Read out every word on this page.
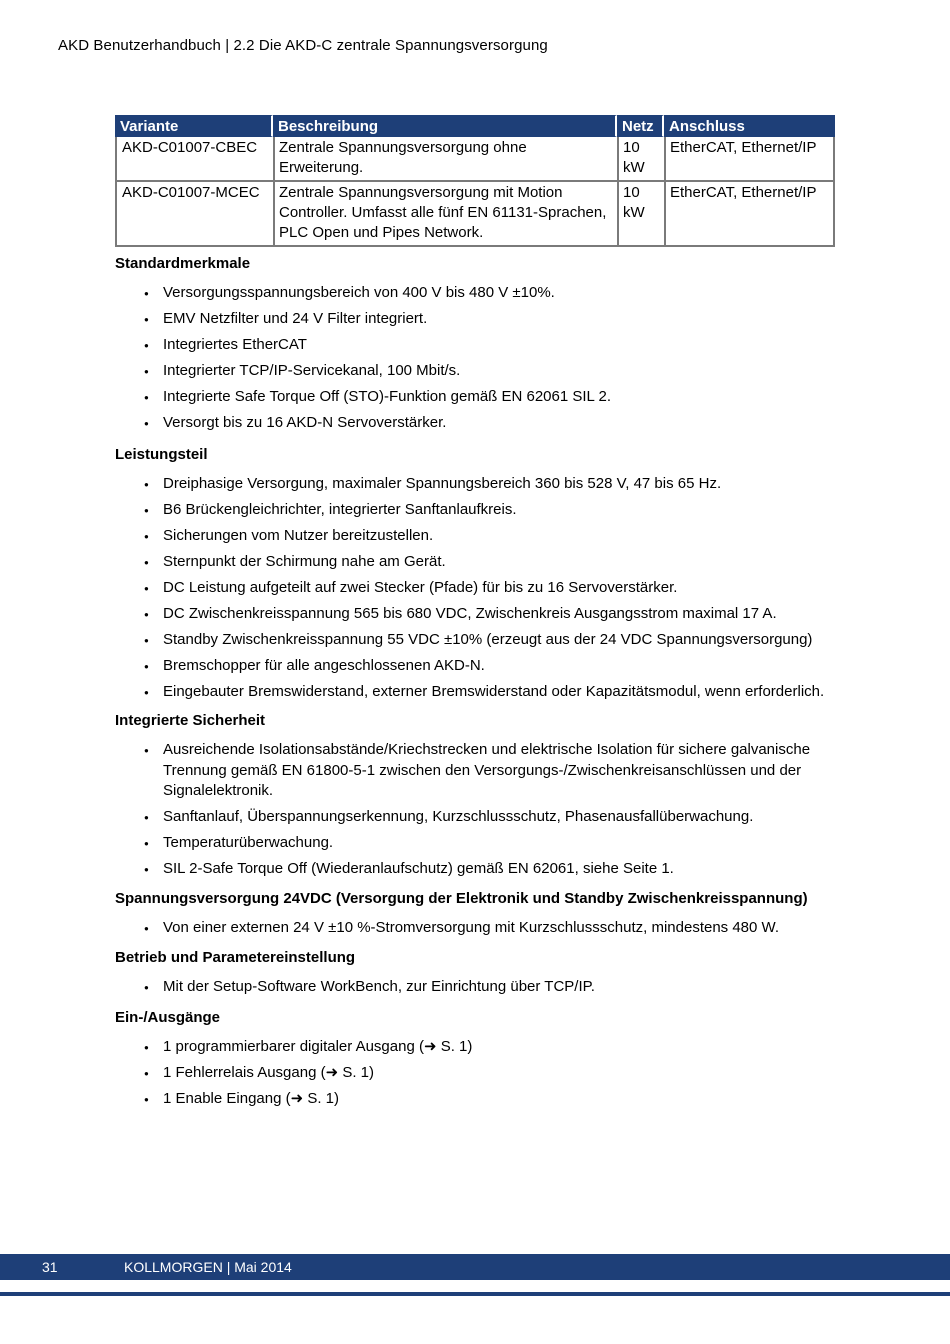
AKD Benutzerhandbuch | 2.2 Die AKD-C zentrale Spannungsversorgung
Variante	Beschreibung	Netz	Anschluss
AKD-C01007-CBEC	Zentrale Spannungsversorgung ohne Erweiterung.	10 kW	EtherCAT, Ethernet/IP
AKD-C01007-MCEC	Zentrale Spannungsversorgung mit Motion Controller. Umfasst alle fünf EN 61131-Sprachen, PLC Open und Pipes Network.	10 kW	EtherCAT, Ethernet/IP
Standardmerkmale
● Versorgungsspannungsbereich von 400 V bis 480 V ±10%.
● EMV Netzfilter und 24 V Filter integriert.
● Integriertes EtherCAT
● Integrierter TCP/IP-Servicekanal, 100 Mbit/s.
● Integrierte Safe Torque Off (STO)-Funktion gemäß EN 62061 SIL 2.
● Versorgt bis zu 16 AKD-N Servoverstärker.
Leistungsteil
● Dreiphasige Versorgung, maximaler Spannungsbereich 360 bis 528 V, 47 bis 65 Hz.
● B6 Brückengleichrichter, integrierter Sanftanlaufkreis.
● Sicherungen vom Nutzer bereitzustellen.
● Sternpunkt der Schirmung nahe am Gerät.
● DC Leistung aufgeteilt auf zwei Stecker (Pfade) für bis zu 16 Servoverstärker.
● DC Zwischenkreisspannung 565 bis 680 VDC, Zwischenkreis Ausgangsstrom maximal 17 A.
● Standby Zwischenkreisspannung 55 VDC ±10% (erzeugt aus der 24 VDC Spannungsversorgung)
● Bremschopper für alle angeschlossenen AKD-N.
● Eingebauter Bremswiderstand, externer Bremswiderstand oder Kapazitätsmodul, wenn erforderlich.
Integrierte Sicherheit
● Ausreichende Isolationsabstände/Kriechstrecken und elektrische Isolation für sichere galvanische Trennung gemäß EN 61800-5-1 zwischen den Versorgungs-/Zwischenkreisanschlüssen und der Signalelektronik.
● Sanftanlauf, Überspannungserkennung, Kurzschlussschutz, Phasenausfallüberwachung.
● Temperaturüberwachung.
● SIL 2-Safe Torque Off (Wiederanlaufschutz) gemäß EN 62061, siehe Seite 1.
Spannungsversorgung 24VDC (Versorgung der Elektronik und Standby Zwischenkreisspannung)
● Von einer externen 24 V ±10 %-Stromversorgung mit Kurzschlussschutz, mindestens 480 W.
Betrieb und Parametereinstellung
● Mit der Setup-Software WorkBench, zur Einrichtung über TCP/IP.
Ein-/Ausgänge
● 1 programmierbarer digitaler Ausgang (➜ S. 1)
● 1 Fehlerrelais Ausgang (➜ S. 1)
● 1 Enable Eingang (➜ S. 1)
31	KOLLMORGEN | Mai 2014
